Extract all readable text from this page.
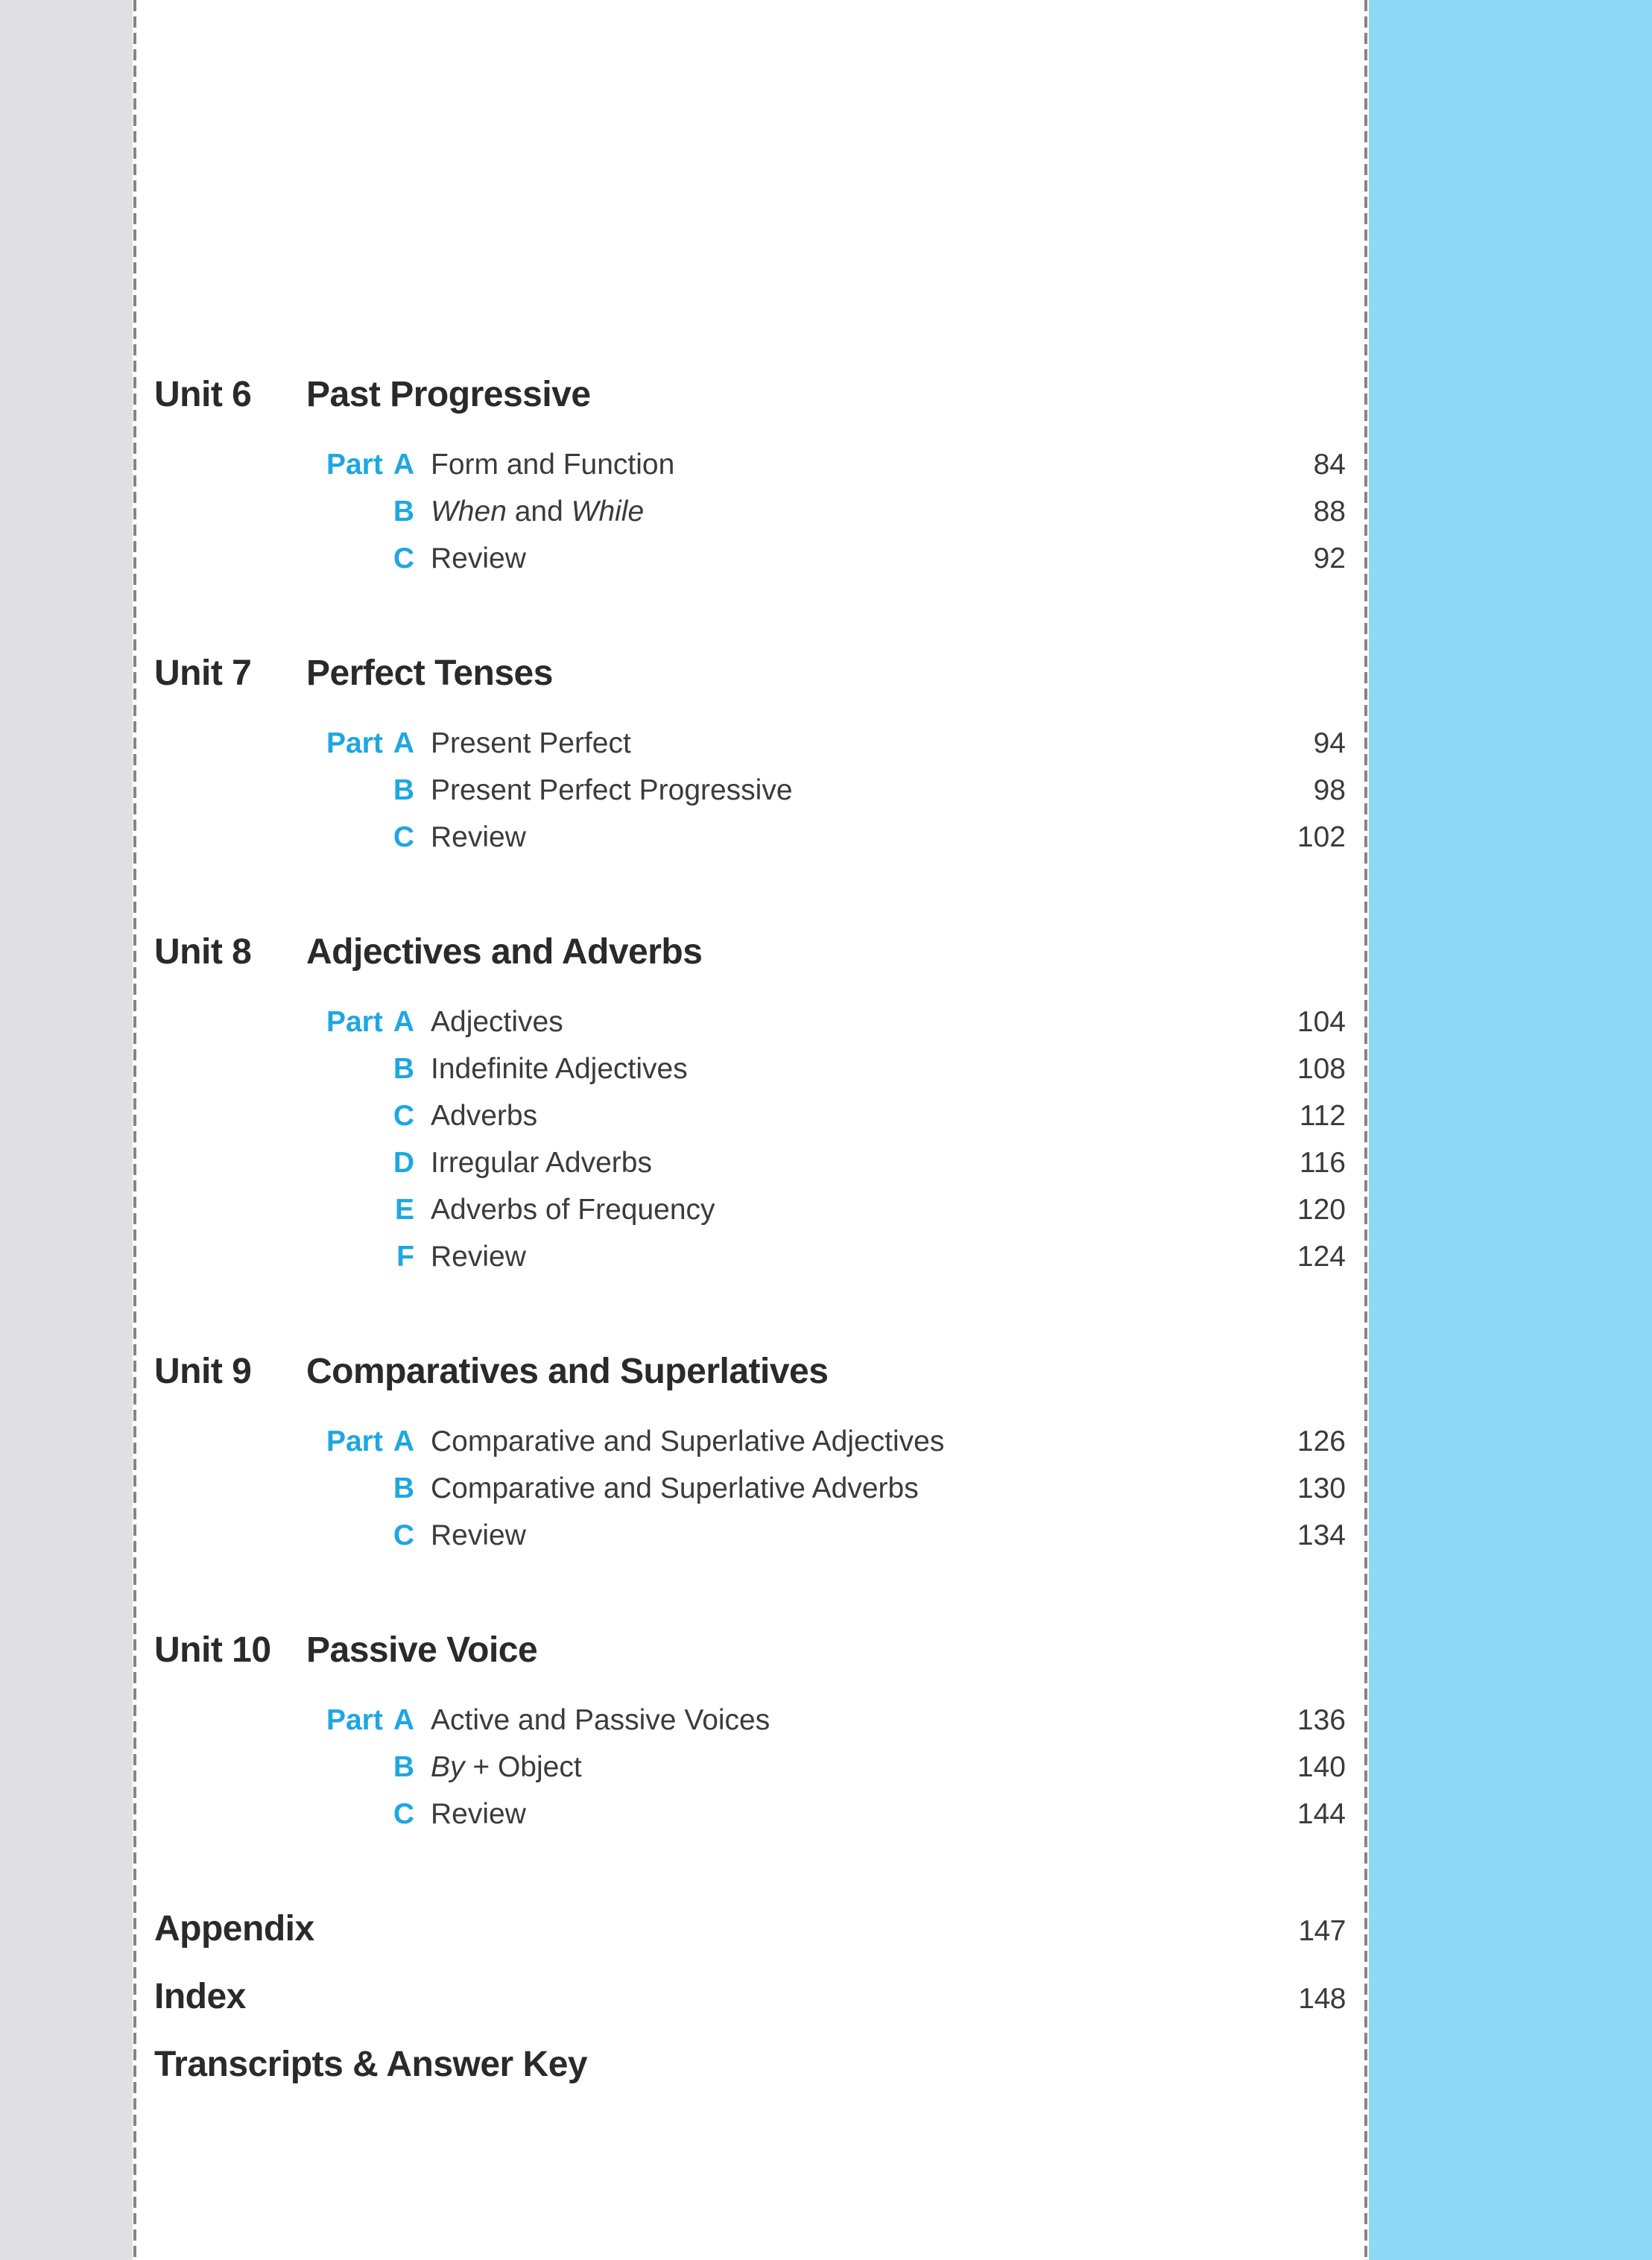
Unit 6	Past Progressive
Part A Form and Function	84
B When and While	88
C Review	92
Unit 7	Perfect Tenses
Part A Present Perfect	94
B Present Perfect Progressive	98
C Review	102
Unit 8	Adjectives and Adverbs
Part A Adjectives	104
B Indefinite Adjectives	108
C Adverbs	112
D Irregular Adverbs	116
E Adverbs of Frequency	120
F Review	124
Unit 9	Comparatives and Superlatives
Part A Comparative and Superlative Adjectives	126
B Comparative and Superlative Adverbs	130
C Review	134
Unit 10 Passive Voice
Part A Active and Passive Voices	136
B By + Object	140
C Review	144
Appendix	147
Index	148
Transcripts & Answer Key
